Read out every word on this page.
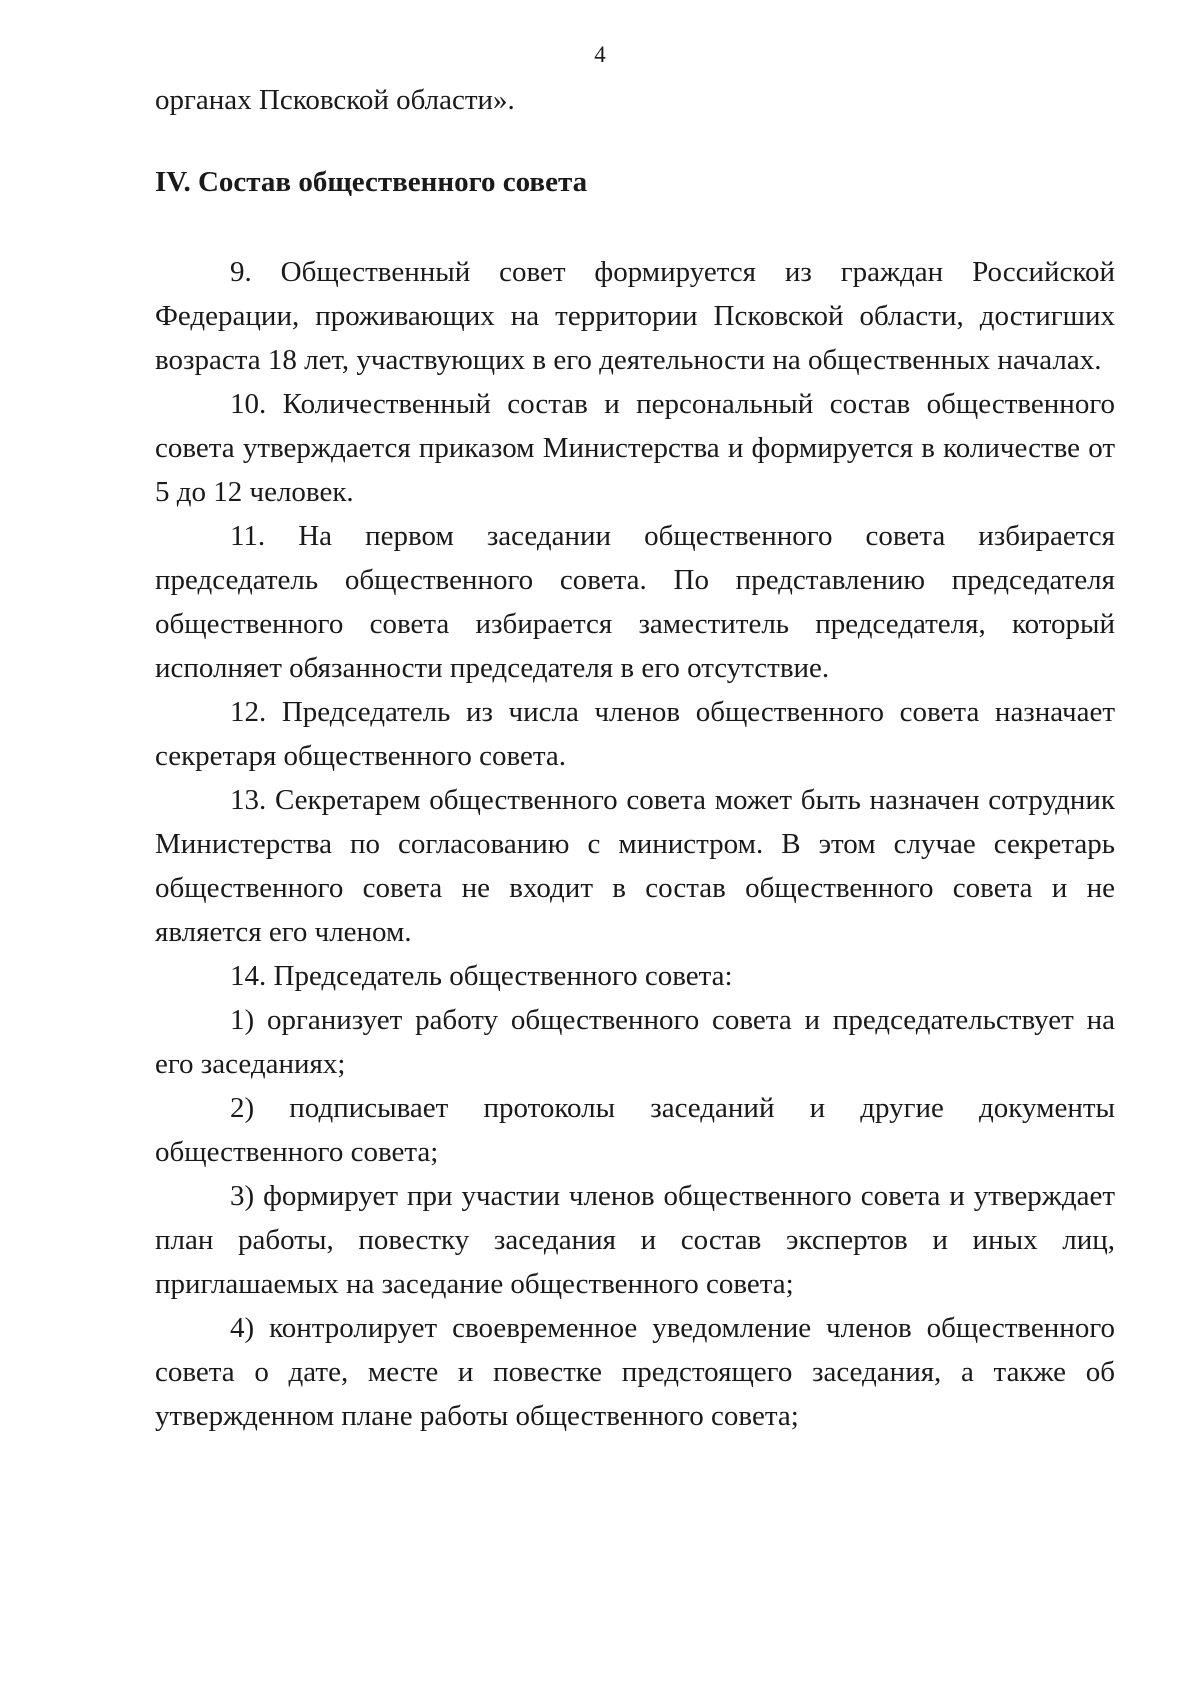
4

органах Псковской области».

IV. Состав общественного совета

9. Общественный совет формируется из граждан Российской Федерации, проживающих на территории Псковской области, достигших возраста 18 лет, участвующих в его деятельности на общественных началах.

10. Количественный состав и персональный состав общественного совета утверждается приказом Министерства и формируется в количестве от 5 до 12 человек.

11. На первом заседании общественного совета избирается председатель общественного совета. По представлению председателя общественного совета избирается заместитель председателя, который исполняет обязанности председателя в его отсутствие.

12. Председатель из числа членов общественного совета назначает секретаря общественного совета.

13. Секретарем общественного совета может быть назначен сотрудник Министерства по согласованию с министром. В этом случае секретарь общественного совета не входит в состав общественного совета и не является его членом.

14. Председатель общественного совета:

1) организует работу общественного совета и председательствует на его заседаниях;

2) подписывает протоколы заседаний и другие документы общественного совета;

3) формирует при участии членов общественного совета и утверждает план работы, повестку заседания и состав экспертов и иных лиц, приглашаемых на заседание общественного совета;

4) контролирует своевременное уведомление членов общественного совета о дате, месте и повестке предстоящего заседания, а также об утвержденном плане работы общественного совета;
